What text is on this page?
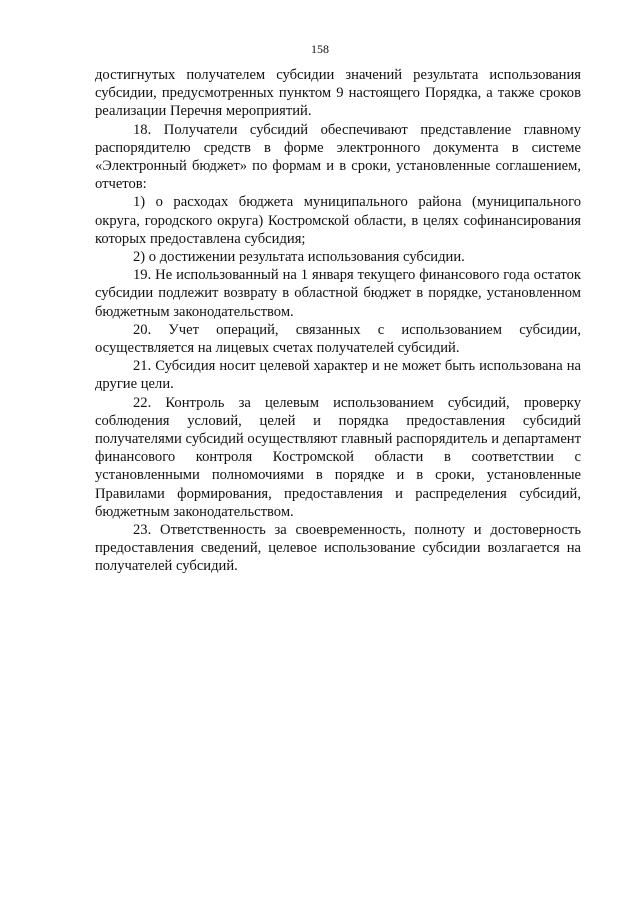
158

достигнутых получателем субсидии значений результата использования субсидии, предусмотренных пунктом 9 настоящего Порядка, а также сроков реализации Перечня мероприятий.

18. Получатели субсидий обеспечивают представление главному распорядителю средств в форме электронного документа в системе «Электронный бюджет» по формам и в сроки, установленные соглашением, отчетов:

1) о расходах бюджета муниципального района (муниципального округа, городского округа) Костромской области, в целях софинансирования которых предоставлена субсидия;

2) о достижении результата использования субсидии.

19. Не использованный на 1 января текущего финансового года остаток субсидии подлежит возврату в областной бюджет в порядке, установленном бюджетным законодательством.

20. Учет операций, связанных с использованием субсидии, осуществляется на лицевых счетах получателей субсидий.

21. Субсидия носит целевой характер и не может быть использована на другие цели.

22. Контроль за целевым использованием субсидий, проверку соблюдения условий, целей и порядка предоставления субсидий получателями субсидий осуществляют главный распорядитель и департамент финансового контроля Костромской области в соответствии с установленными полномочиями в порядке и в сроки, установленные Правилами формирования, предоставления и распределения субсидий, бюджетным законодательством.

23. Ответственность за своевременность, полноту и достоверность предоставления сведений, целевое использование субсидии возлагается на получателей субсидий.
